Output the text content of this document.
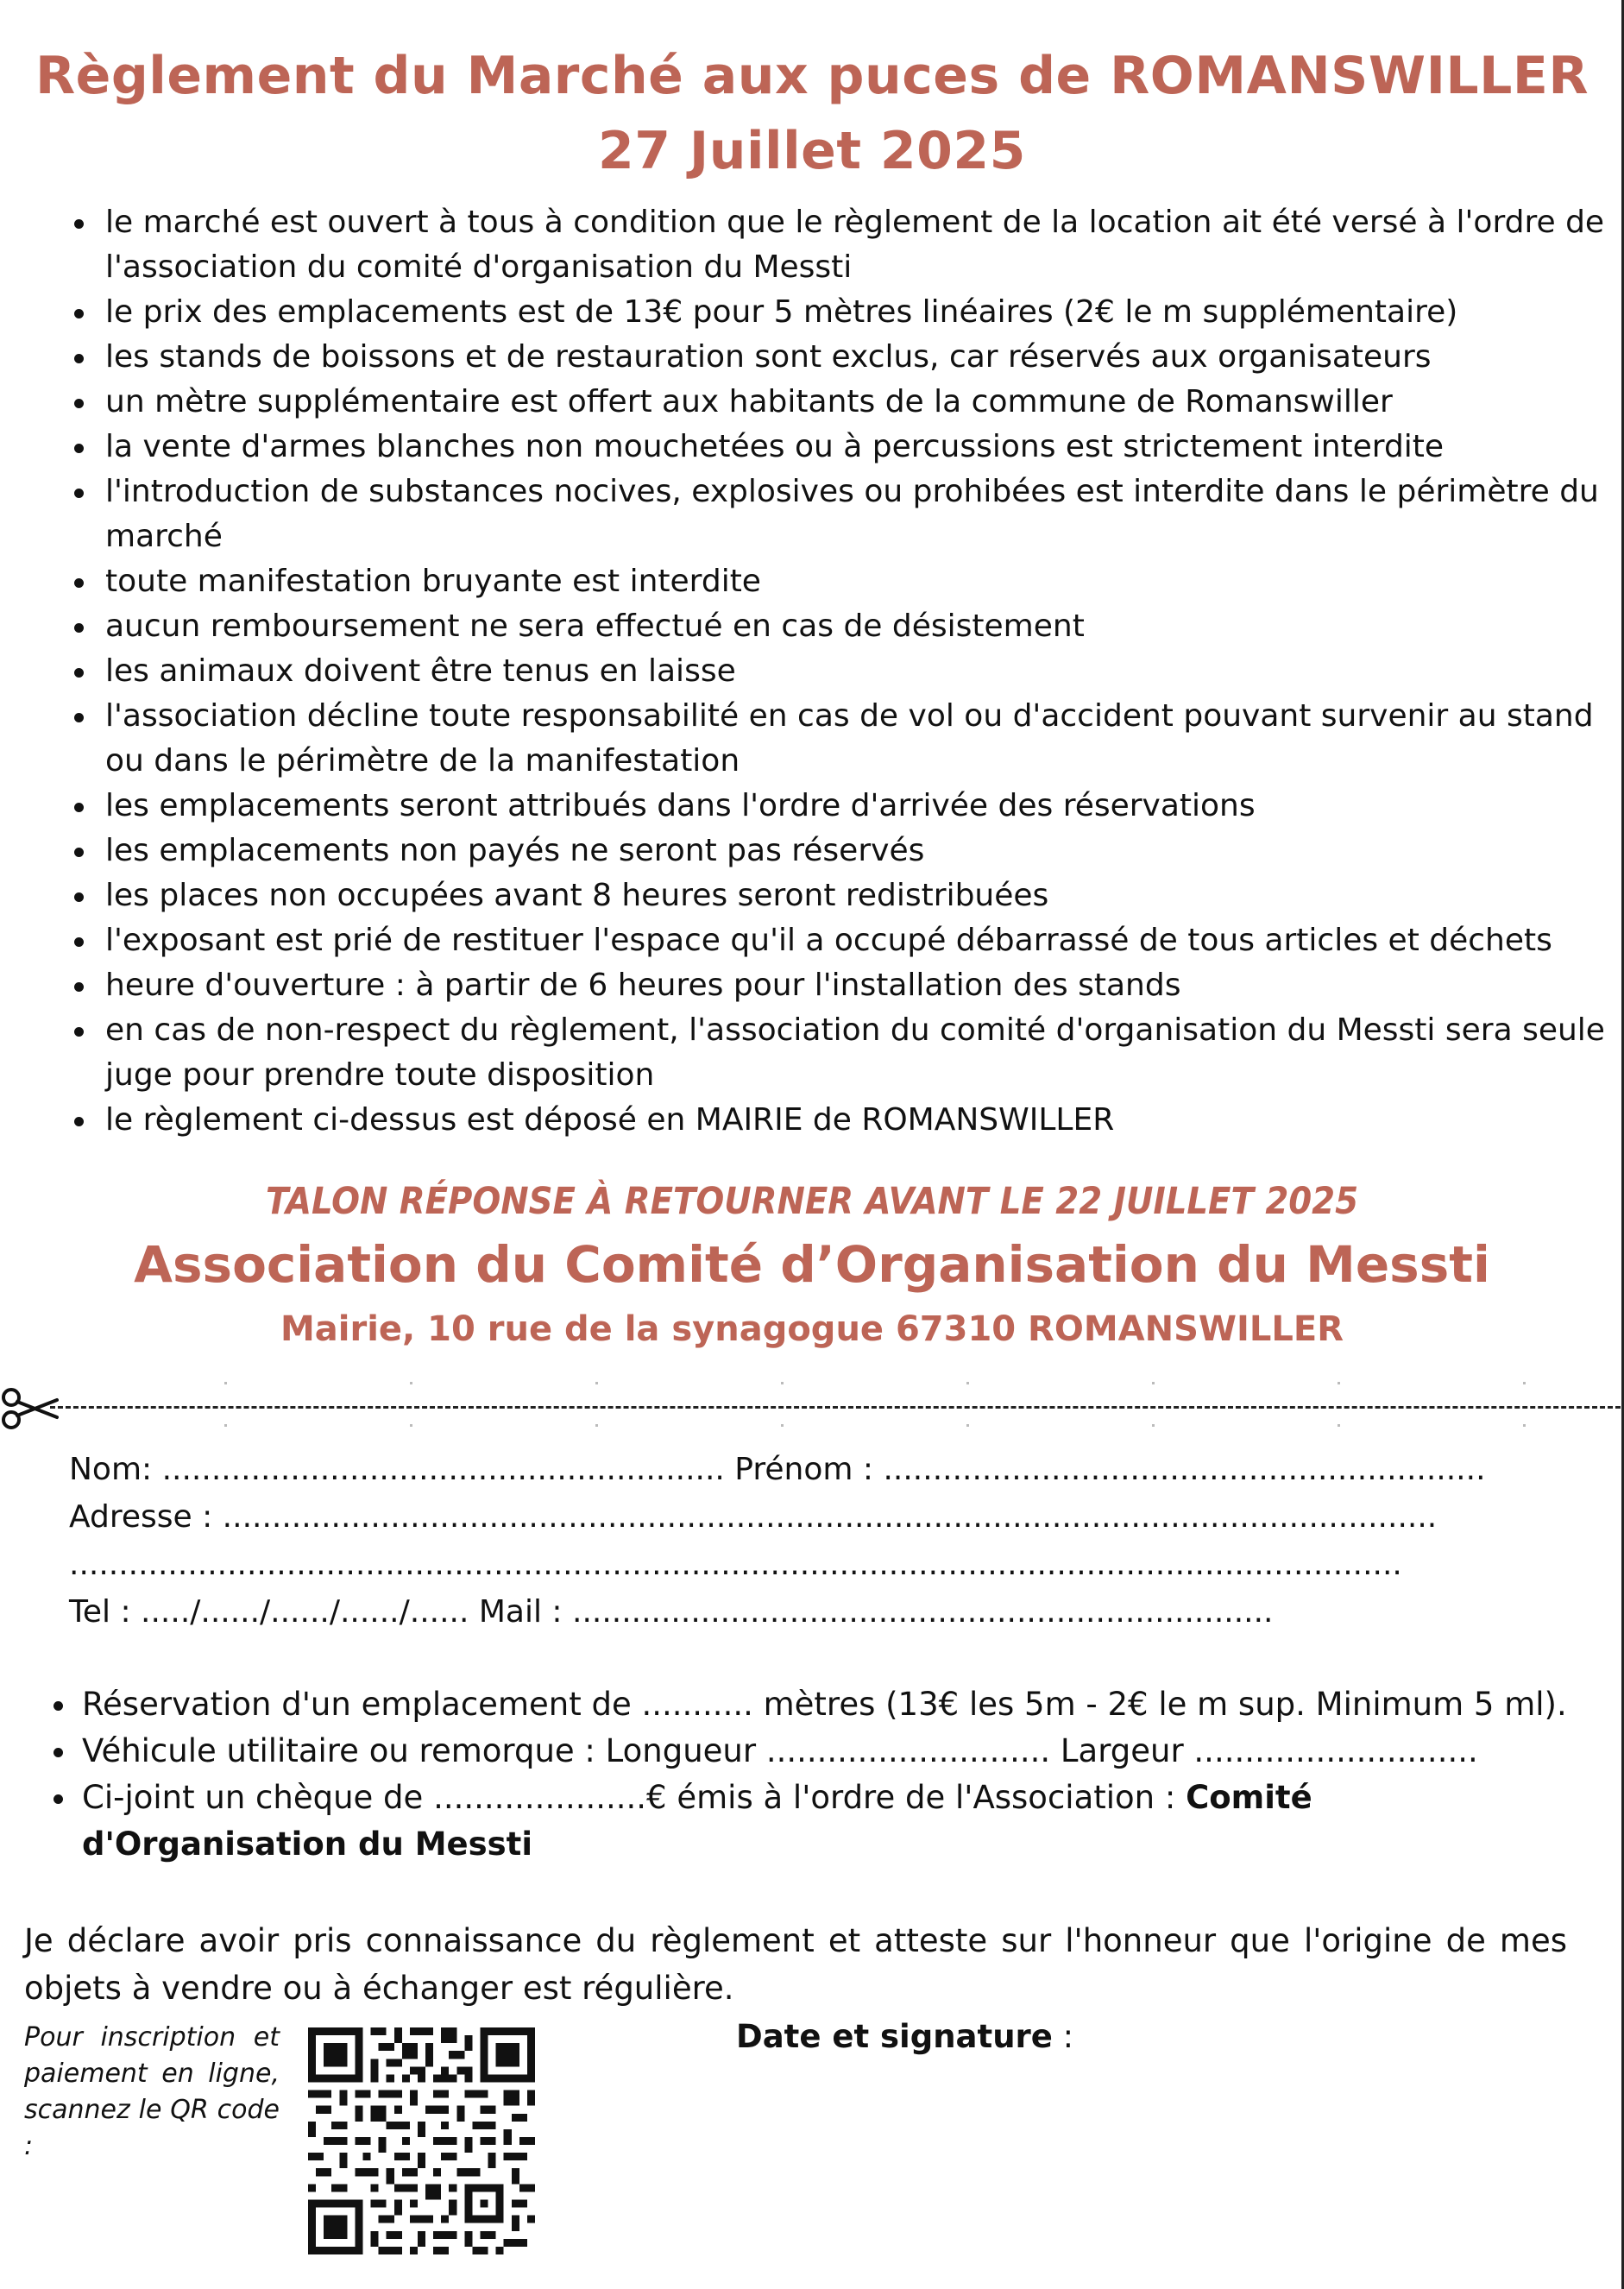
Règlement du Marché aux puces de ROMANSWILLER
27 Juillet 2025
le marché est ouvert à tous à condition que le règlement de la location ait été versé à l'ordre de l'association du comité d'organisation du Messti
le prix des emplacements est de 13€ pour 5 mètres linéaires (2€ le m supplémentaire)
les stands de boissons et de restauration sont exclus, car réservés aux organisateurs
un mètre supplémentaire est offert aux habitants de la commune de Romanswiller
la vente d'armes blanches non mouchetées ou à percussions est strictement interdite
l'introduction de substances nocives, explosives ou prohibées est interdite dans le périmètre du marché
toute manifestation bruyante est interdite
aucun remboursement ne sera effectué en cas de désistement
les animaux doivent être tenus en laisse
l'association décline toute responsabilité en cas de vol ou d'accident pouvant survenir au stand ou dans le périmètre de la manifestation
les emplacements seront attribués dans l'ordre d'arrivée des réservations
les emplacements non payés ne seront pas réservés
les places non occupées avant 8 heures seront redistribuées
l'exposant est prié de restituer l'espace qu'il a occupé débarrassé de tous articles et déchets
heure d'ouverture : à partir de 6 heures pour l'installation des stands
en cas de non-respect du règlement, l'association du comité d'organisation du Messti sera seule juge pour prendre toute disposition
le règlement ci-dessus est déposé en MAIRIE de ROMANSWILLER
TALON RÉPONSE À RETOURNER AVANT LE 22 JUILLET 2025
Association du Comité d’Organisation du Messti
Mairie, 10 rue de la synagogue 67310 ROMANSWILLER
Nom: ......................................................... Prénom : .............................................................
Adresse : ...........................................................................................................................
.......................................................................................................................................
Tel : ...../....../....../....../...... Mail : .......................................................................
Réservation d'un emplacement de ........... mètres (13€ les 5m - 2€ le m sup. Minimum 5 ml).
Véhicule utilitaire ou remorque : Longueur ............................ Largeur ............................
Ci-joint un chèque de .....................€ émis à l'ordre de l'Association : Comité d'Organisation du Messti
Je déclare avoir pris connaissance du règlement et atteste sur l'honneur que l'origine de mes objets à vendre ou à échanger est régulière.
Pour inscription et paiement en ligne, scannez le QR code :
Date et signature :
